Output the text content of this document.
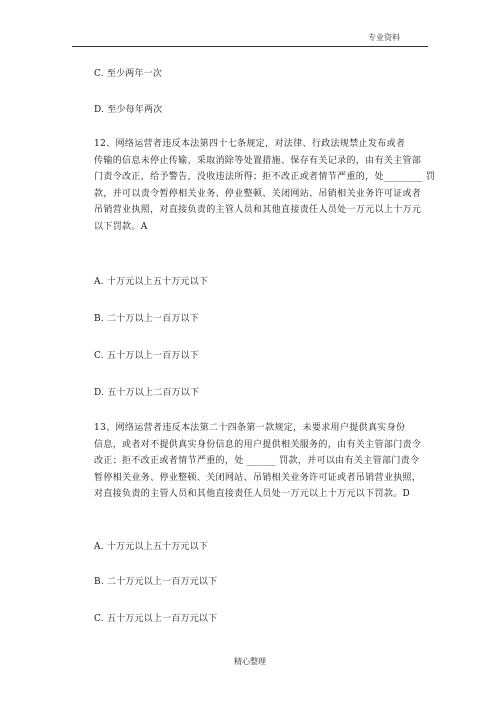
专业资料
C. 至少两年一次
D. 至少每年两次
12、网络运营者违反本法第四十七条规定，对法律、行政法规禁止发布或者
传输的信息未停止传输、采取消除等处置措施、保存有关记录的，由有关主管部
门责令改正，给予警告，没收违法所得；拒不改正或者情节严重的，处________ 罚
款，并可以责令暂停相关业务、停业整顿、关闭网站、吊销相关业务许可证或者
吊销营业执照，对直接负责的主管人员和其他直接责任人员处一万元以上十万元
以下罚款。A
A. 十万元以上五十万元以下
B. 二十万以上一百万以下
C. 五十万以上一百万以下
D. 五十万以上二百万以下
13、网络运营者违反本法第二十四条第一款规定，未要求用户提供真实身份
信息，或者对不提供真实身份信息的用户提供相关服务的，由有关主管部门责令
改正；拒不改正或者情节严重的，处 ______ 罚款，并可以由有关主管部门责令
暂停相关业务、停业整顿、关闭网站、吊销相关业务许可证或者吊销营业执照，
对直接负责的主管人员和其他直接责任人员处一万元以上十万元以下罚款。D
A. 十万元以上五十万元以下
B. 二十万元以上一百万元以下
C. 五十万元以上一百万元以下
精心整理
